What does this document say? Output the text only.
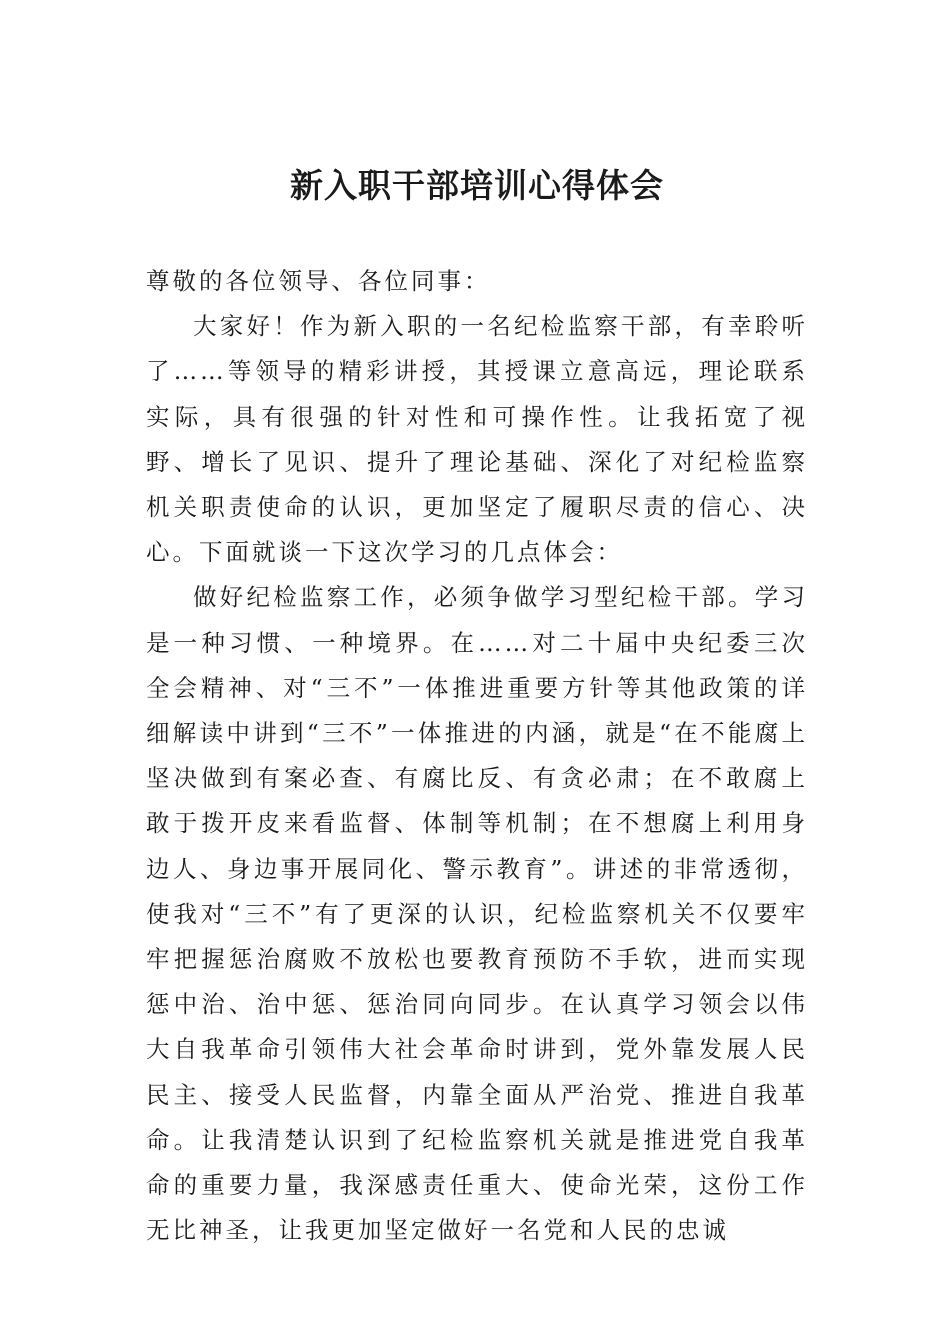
新入职干部培训心得体会

尊敬的各位领导、各位同事：

大家好！作为新入职的一名纪检监察干部，有幸聆听了……等领导的精彩讲授，其授课立意高远，理论联系实际，具有很强的针对性和可操作性。让我拓宽了视野、增长了见识、提升了理论基础、深化了对纪检监察机关职责使命的认识，更加坚定了履职尽责的信心、决心。下面就谈一下这次学习的几点体会：

做好纪检监察工作，必须争做学习型纪检干部。学习是一种习惯、一种境界。在……对二十届中央纪委三次全会精神、对“三不”一体推进重要方针等其他政策的详细解读中讲到“三不”一体推进的内涵，就是“在不能腐上坚决做到有案必查、有腐比反、有贪必肃；在不敢腐上敢于拨开皮来看监督、体制等机制；在不想腐上利用身边人、身边事开展同化、警示教育”。讲述的非常透彻，使我对“三不”有了更深的认识，纪检监察机关不仅要牢牢把握惩治腐败不放松也要教育预防不手软，进而实现惩中治、治中惩、惩治同向同步。在认真学习领会以伟大自我革命引领伟大社会革命时讲到，党外靠发展人民民主、接受人民监督，内靠全面从严治党、推进自我革命。让我清楚认识到了纪检监察机关就是推进党自我革命的重要力量，我深感责任重大、使命光荣，这份工作无比神圣，让我更加坚定做好一名党和人民的忠诚
